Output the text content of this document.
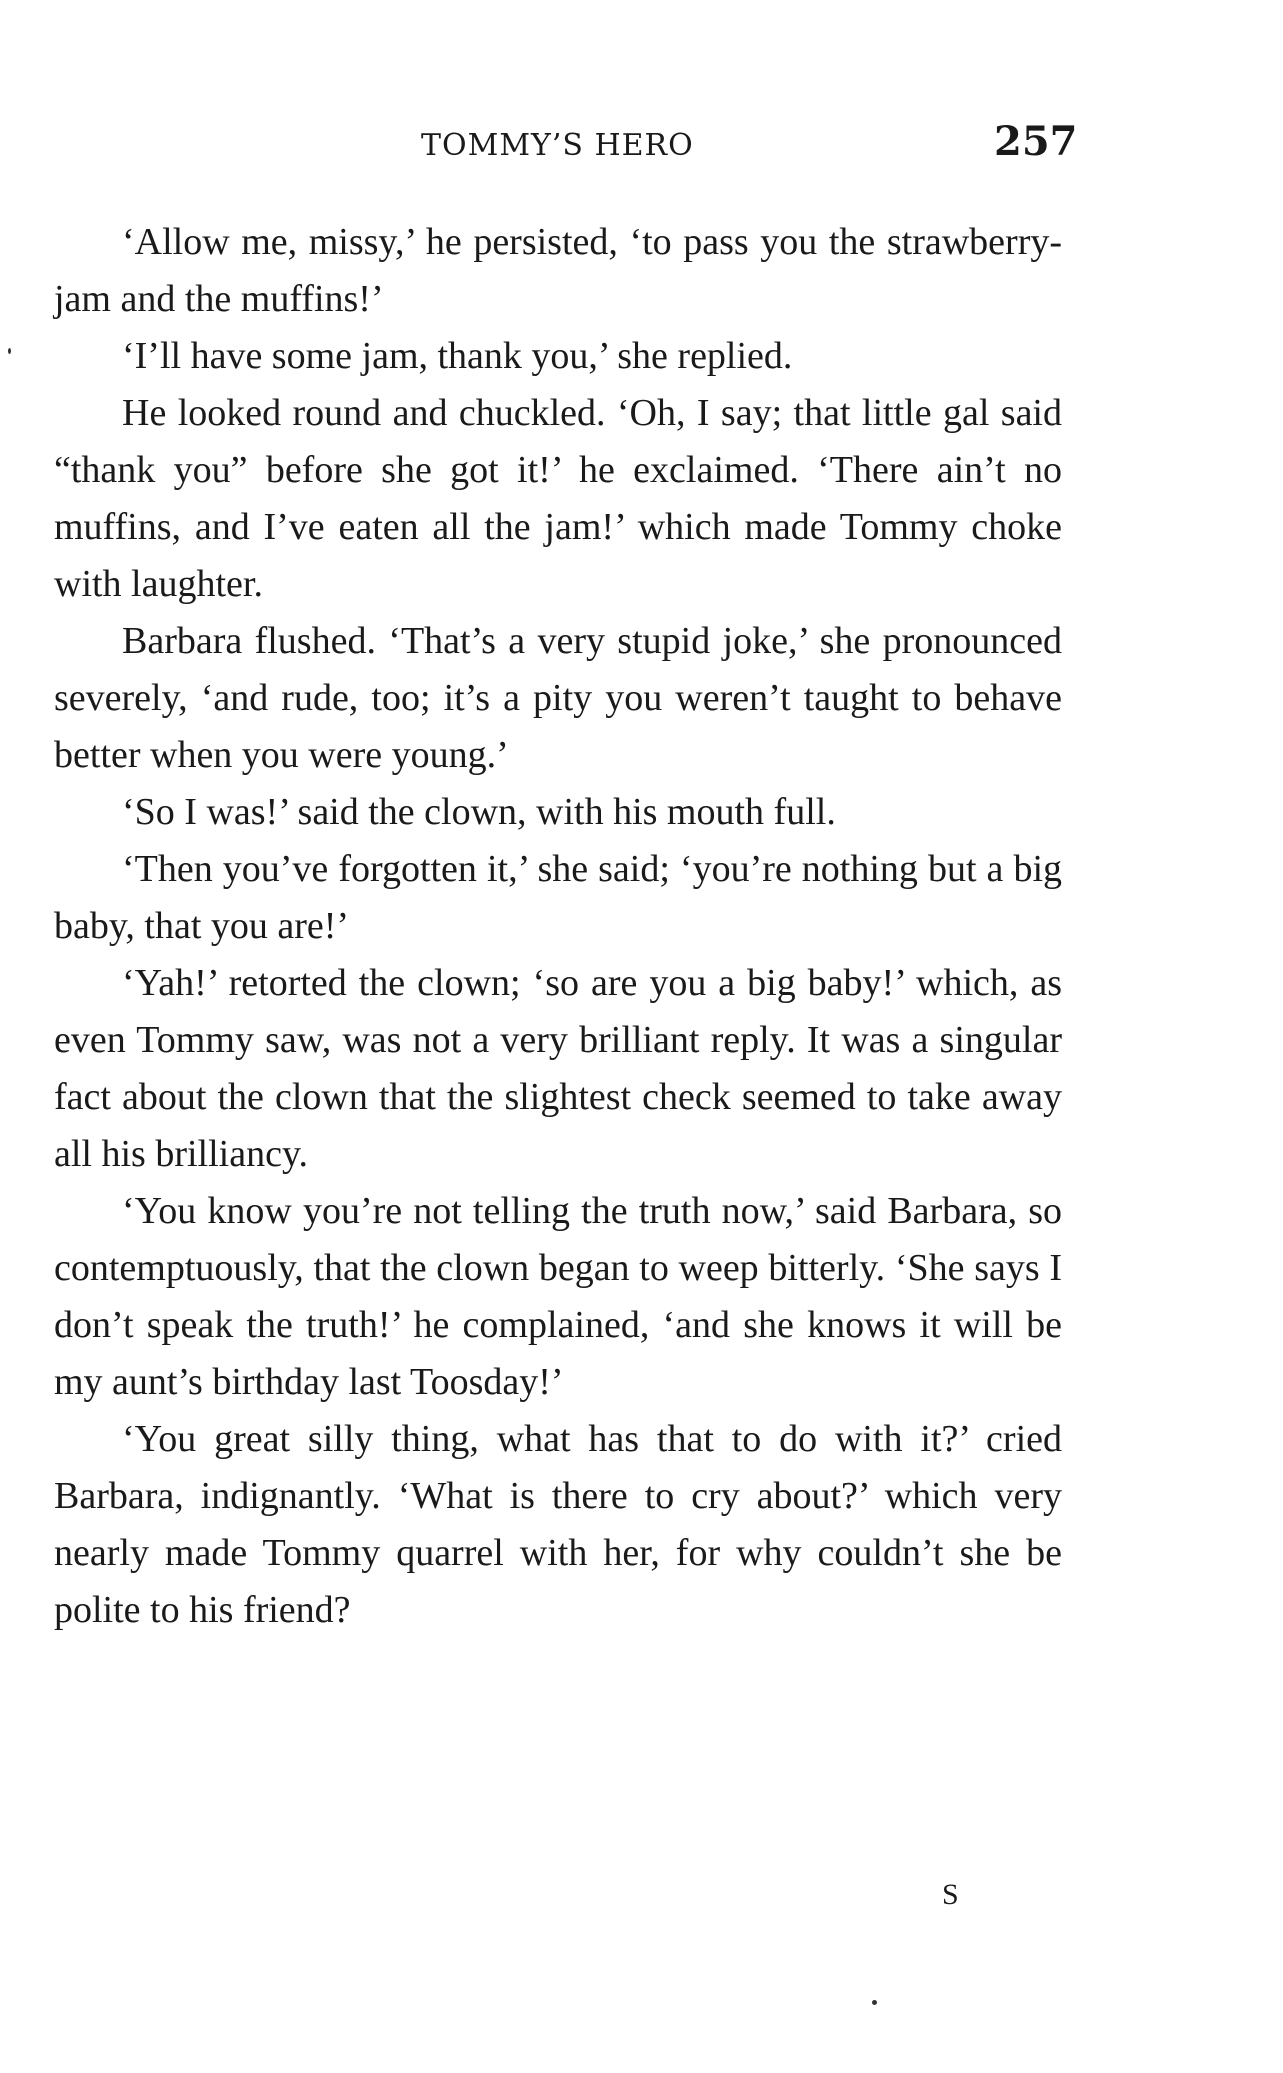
TOMMY’S HERO	257

‘Allow me, missy,’ he persisted, ‘to pass you the strawberry-jam and the muffins!’

‘I’ll have some jam, thank you,’ she replied.

He looked round and chuckled. ‘Oh, I say; that little gal said “thank you” before she got it!’ he exclaimed. ‘There ain’t no muffins, and I’ve eaten all the jam!’ which made Tommy choke with laughter.

Barbara flushed. ‘That’s a very stupid joke,’ she pronounced severely, ‘and rude, too; it’s a pity you weren’t taught to behave better when you were young.’

‘So I was!’ said the clown, with his mouth full.

‘Then you’ve forgotten it,’ she said; ‘you’re nothing but a big baby, that you are!’

‘Yah!’ retorted the clown; ‘so are you a big baby!’ which, as even Tommy saw, was not a very brilliant reply. It was a singular fact about the clown that the slightest check seemed to take away all his brilliancy.

‘You know you’re not telling the truth now,’ said Barbara, so contemptuously, that the clown began to weep bitterly. ‘She says I don’t speak the truth!’ he complained, ‘and she knows it will be my aunt’s birthday last Toosday!’

‘You great silly thing, what has that to do with it?’ cried Barbara, indignantly. ‘What is there to cry about?’ which very nearly made Tommy quarrel with her, for why couldn’t she be polite to his friend?

S
